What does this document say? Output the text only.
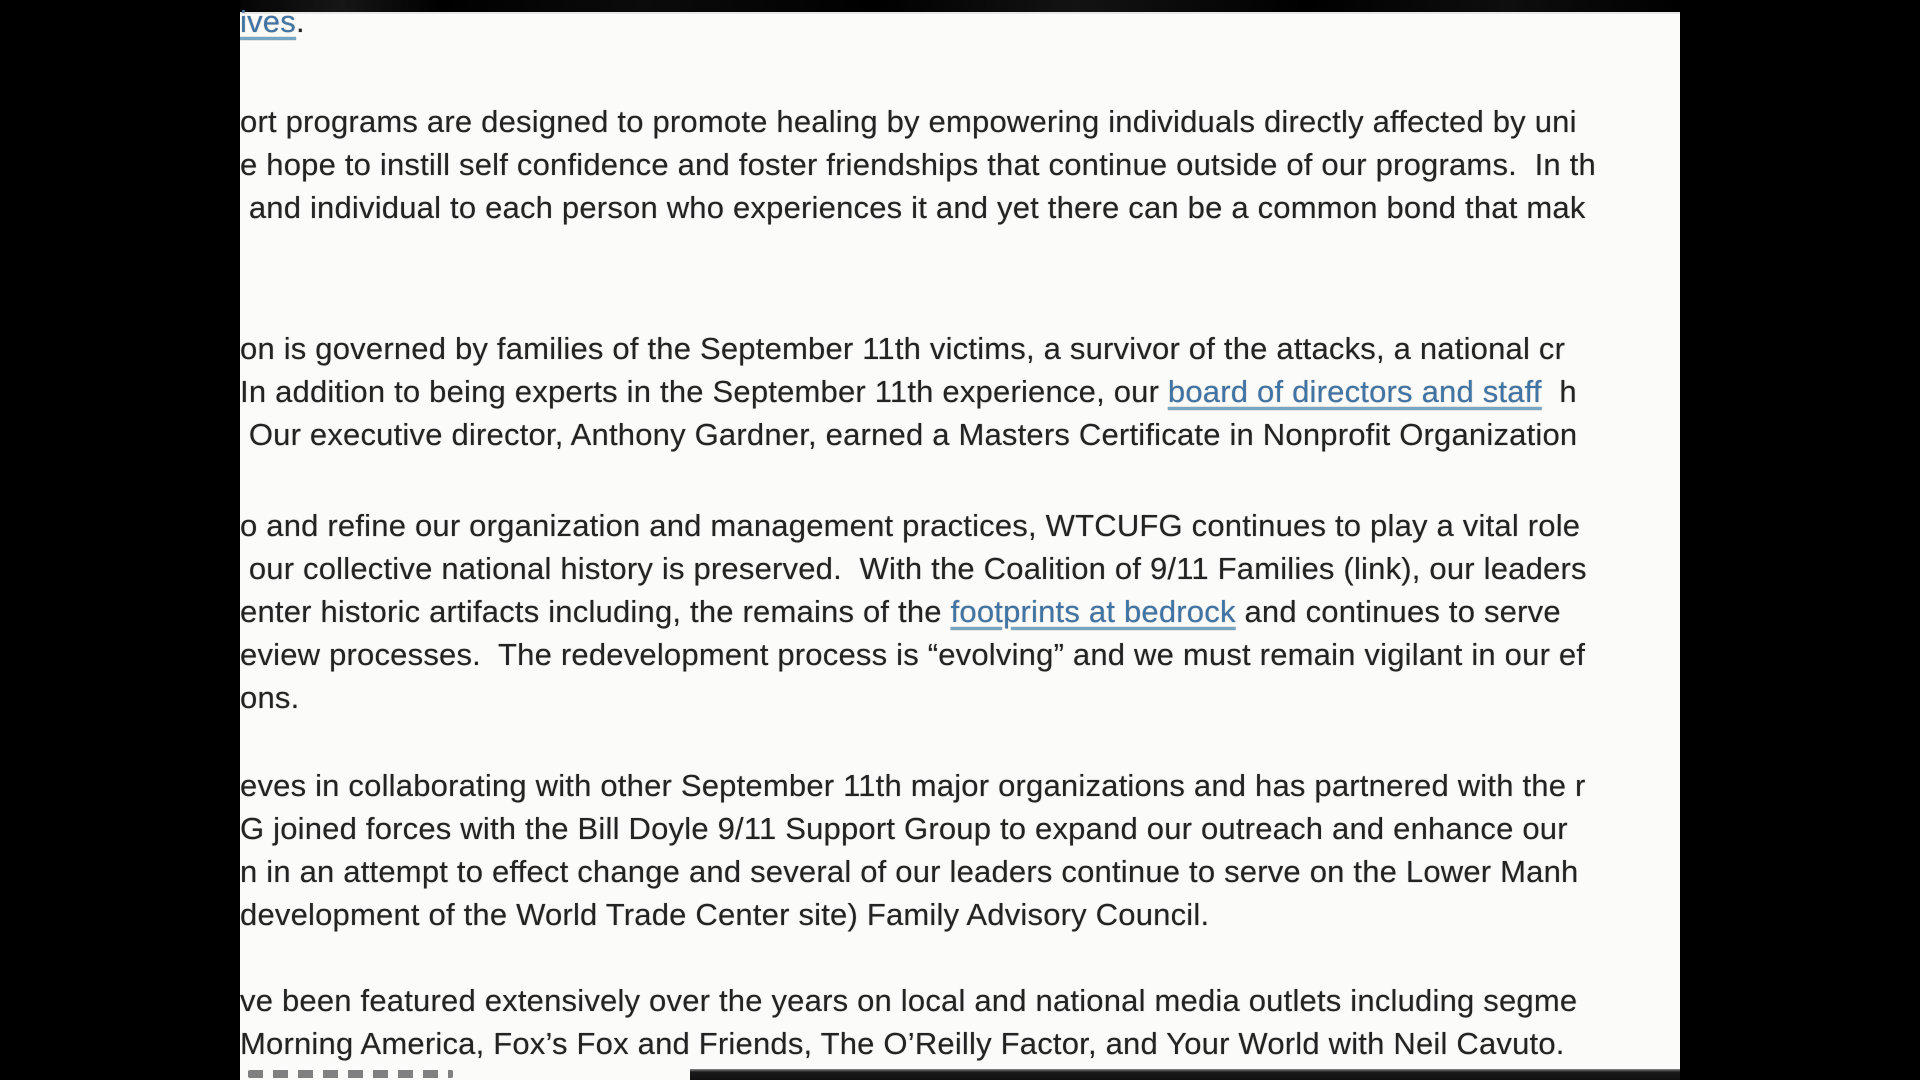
ives.
ort programs are designed to promote healing by empowering individuals directly affected by uni
e hope to instill self confidence and foster friendships that continue outside of our programs.  In th
and individual to each person who experiences it and yet there can be a common bond that mak
on is governed by families of the September 11th victims, a survivor of the attacks, a national cr
In addition to being experts in the September 11th experience, our board of directors and staff  h
Our executive director, Anthony Gardner, earned a Masters Certificate in Nonprofit Organization
o and refine our organization and management practices, WTCUFG continues to play a vital role
our collective national history is preserved.  With the Coalition of 9/11 Families (link), our leaders
enter historic artifacts including, the remains of the footprints at bedrock and continues to serve
eview processes.  The redevelopment process is “evolving” and we must remain vigilant in our ef
ons.
eves in collaborating with other September 11th major organizations and has partnered with the r
G joined forces with the Bill Doyle 9/11 Support Group to expand our outreach and enhance our
n in an attempt to effect change and several of our leaders continue to serve on the Lower Manh
development of the World Trade Center site) Family Advisory Council.
ve been featured extensively over the years on local and national media outlets including segme
Morning America, Fox’s Fox and Friends, The O’Reilly Factor, and Your World with Neil Cavuto.
